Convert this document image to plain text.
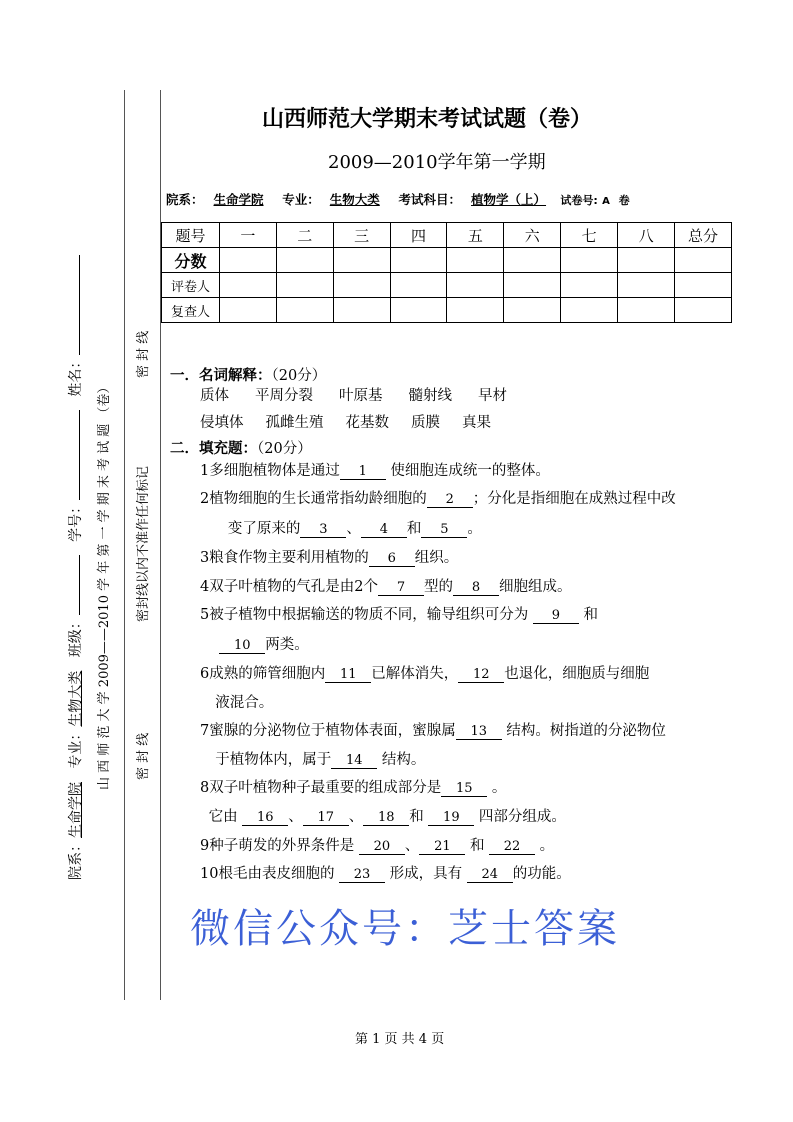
院系：生命学院   专业：生物大类   班级：   学号：   姓名：
山 西 师 范 大 学 2009——2010 学 年 第 一 学 期 末 考 试 题 （卷） 密 封 线
密封线以内不准作任何标记
密 封 线
山西师范大学期末考试试题（卷）
2009—2010学年第一学期
院系： 生命学院 专业： 生物大类 考试科目： 植物学（上） 试卷号: A 卷
题号	一	二	三	四	五	六	七	八	总分
分数									
评卷人									
复查人									
一．名词解释：（20分）
质体 平周分裂 叶原基 髓射线 早材
侵填体 孤雌生殖 花基数 质膜 真果
二．填充题：（20分）
1多细胞植物体是通过 1 使细胞连成统一的整体。
2植物细胞的生长通常指幼龄细胞的 2 ；分化是指细胞在成熟过程中改
变了原来的 3 、 4 和 5 。
3粮食作物主要利用植物的 6 组织。
4双子叶植物的气孔是由2个 7 型的 8 细胞组成。
5被子植物中根据输送的物质不同，输导组织可分为 9 和
10 两类。
6成熟的筛管细胞内 11 已解体消失， 12 也退化，细胞质与细胞
液混合。
7蜜腺的分泌物位于植物体表面，蜜腺属 13 结构。树指道的分泌物位
于植物体内，属于 14 结构。
8双子叶植物种子最重要的组成部分是 15 。
它由 16 、 17 、 18 和 19 四部分组成。
9种子萌发的外界条件是 20 、 21 和 22 。
10根毛由表皮细胞的 23 形成，具有 24 的功能。
微信公众号：芝士答案
第 1 页 共 4 页
